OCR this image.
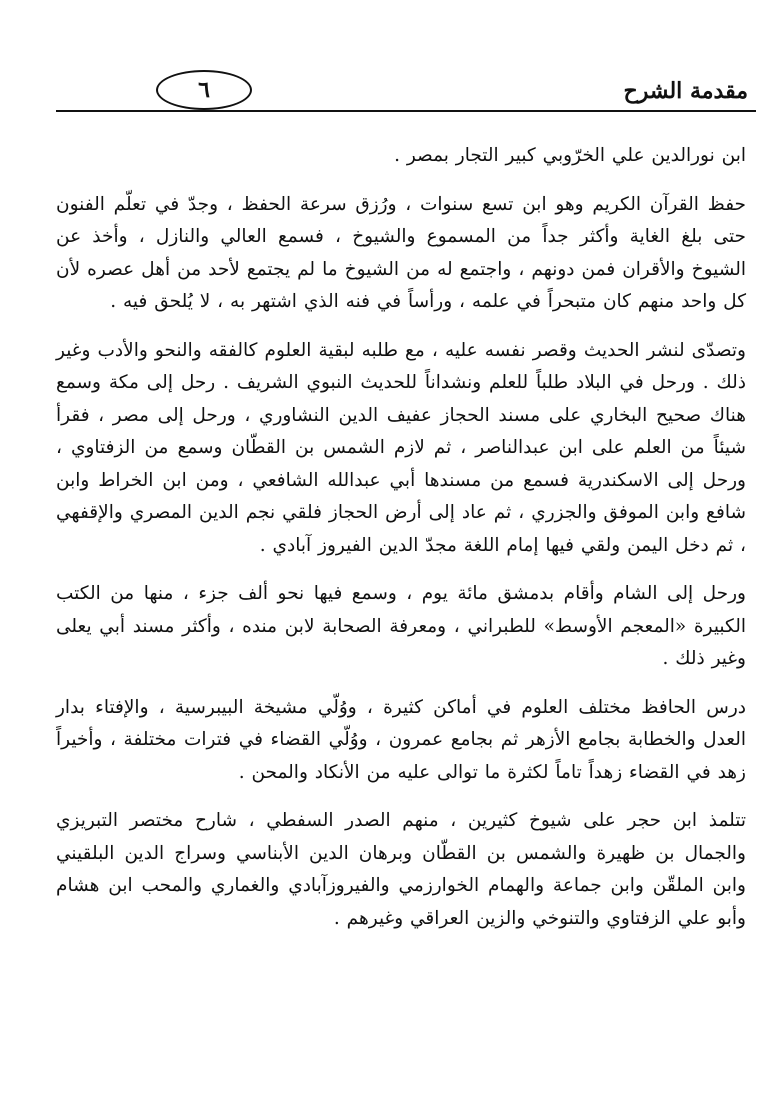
مقدمة الشرح
٦

ابن نورالدين علي الخرّوبي كبير التجار بمصر .

حفظ القرآن الكريم وهو ابن تسع سنوات ، ورُزق سرعة الحفظ ، وجدّ في تعلّم الفنون حتى بلغ الغاية وأكثر جداً من المسموع والشيوخ ، فسمع العالي والنازل ، وأخذ عن الشيوخ والأقران فمن دونهم ، واجتمع له من الشيوخ ما لم يجتمع لأحد من أهل عصره لأن كل واحد منهم كان متبحراً في علمه ، ورأساً في فنه الذي اشتهر به ، لا يُلحق فيه .

وتصدّى لنشر الحديث وقصر نفسه عليه ، مع طلبه لبقية العلوم كالفقه والنحو والأدب وغير ذلك . ورحل في البلاد طلباً للعلم ونشداناً للحديث النبوي الشريف . رحل إلى مكة وسمع هناك صحيح البخاري على مسند الحجاز عفيف الدين النشاوري ، ورحل إلى مصر ، فقرأ شيئاً من العلم على ابن عبدالناصر ، ثم لازم الشمس بن القطّان وسمع من الزفتاوي ، ورحل إلى الاسكندرية فسمع من مسندها أبي عبدالله الشافعي ، ومن ابن الخراط وابن شافع وابن الموفق والجزري ، ثم عاد إلى أرض الحجاز فلقي نجم الدين المصري والإقفهي ، ثم دخل اليمن ولقي فيها إمام اللغة مجدّ الدين الفيروز آبادي .

ورحل إلى الشام وأقام بدمشق مائة يوم ، وسمع فيها نحو ألف جزء ، منها من الكتب الكبيرة «المعجم الأوسط» للطبراني ، ومعرفة الصحابة لابن منده ، وأكثر مسند أبي يعلى وغير ذلك .

درس الحافظ مختلف العلوم في أماكن كثيرة ، ووُلّي مشيخة البيبرسية ، والإفتاء بدار العدل والخطابة بجامع الأزهر ثم بجامع عمرون ، ووُلّي القضاء في فترات مختلفة ، وأخيراً زهد في القضاء زهداً تاماً لكثرة ما توالى عليه من الأنكاد والمحن .

تتلمذ ابن حجر على شيوخ كثيرين ، منهم الصدر السفطي ، شارح مختصر التبريزي والجمال بن ظهيرة والشمس بن القطّان وبرهان الدين الأبناسي وسراج الدين البلقيني وابن الملقّن وابن جماعة والهمام الخوارزمي والفيروزآبادي والغماري والمحب ابن هشام وأبو علي الزفتاوي والتنوخي والزين العراقي وغيرهم .
